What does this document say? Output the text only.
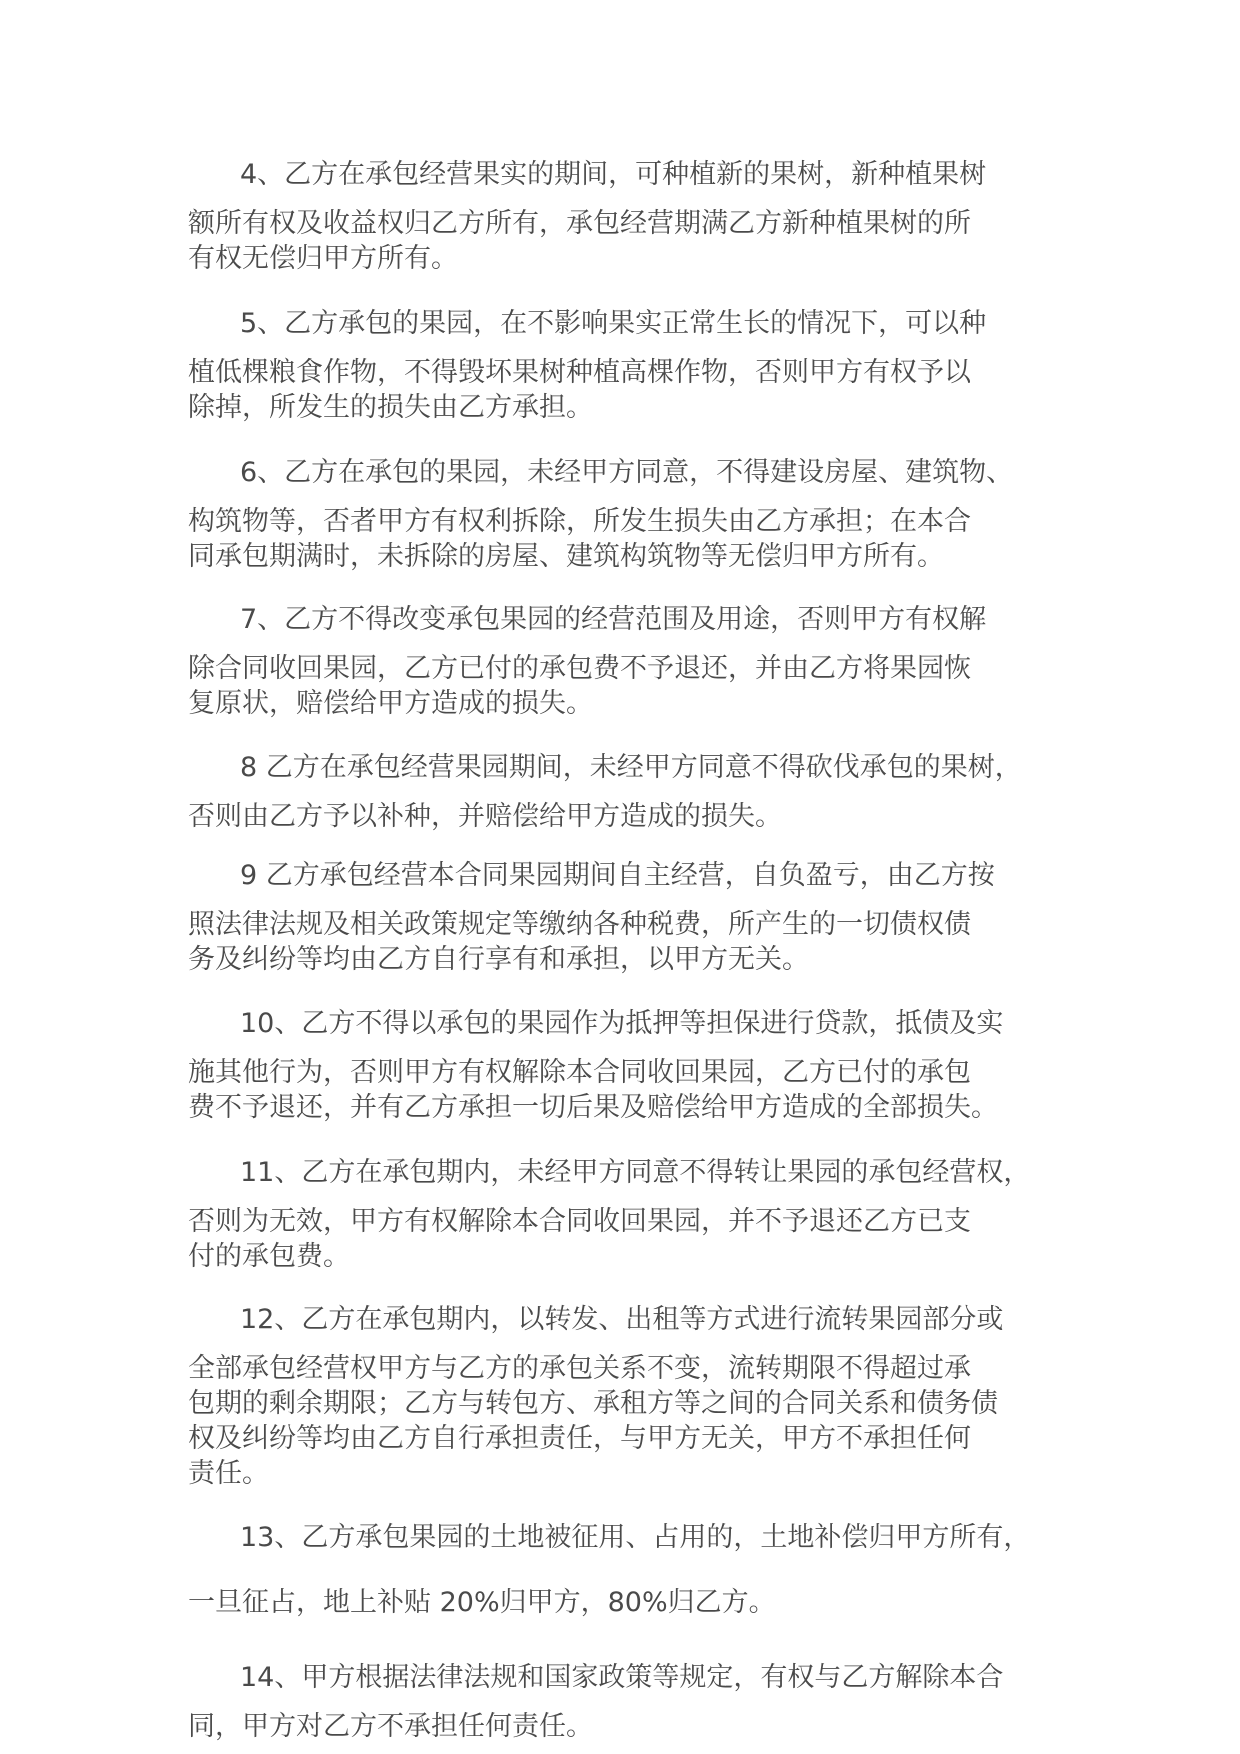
4、乙方在承包经营果实的期间，可种植新的果树，新种植果树
额所有权及收益权归乙方所有，承包经营期满乙方新种植果树的所
有权无偿归甲方所有。
5、乙方承包的果园，在不影响果实正常生长的情况下，可以种
植低棵粮食作物，不得毁坏果树种植高棵作物，否则甲方有权予以
除掉，所发生的损失由乙方承担。
6、乙方在承包的果园，未经甲方同意，不得建设房屋、建筑物、
构筑物等，否者甲方有权利拆除，所发生损失由乙方承担；在本合
同承包期满时，未拆除的房屋、建筑构筑物等无偿归甲方所有。
7、乙方不得改变承包果园的经营范围及用途，否则甲方有权解
除合同收回果园，乙方已付的承包费不予退还，并由乙方将果园恢
复原状，赔偿给甲方造成的损失。
8 乙方在承包经营果园期间，未经甲方同意不得砍伐承包的果树，
否则由乙方予以补种，并赔偿给甲方造成的损失。
9 乙方承包经营本合同果园期间自主经营，自负盈亏，由乙方按
照法律法规及相关政策规定等缴纳各种税费，所产生的一切债权债
务及纠纷等均由乙方自行享有和承担，以甲方无关。
10、乙方不得以承包的果园作为抵押等担保进行贷款，抵债及实
施其他行为，否则甲方有权解除本合同收回果园，乙方已付的承包
费不予退还，并有乙方承担一切后果及赔偿给甲方造成的全部损失。
11、乙方在承包期内，未经甲方同意不得转让果园的承包经营权，
否则为无效，甲方有权解除本合同收回果园，并不予退还乙方已支
付的承包费。
12、乙方在承包期内，以转发、出租等方式进行流转果园部分或
全部承包经营权甲方与乙方的承包关系不变，流转期限不得超过承
包期的剩余期限；乙方与转包方、承租方等之间的合同关系和债务债
权及纠纷等均由乙方自行承担责任，与甲方无关，甲方不承担任何
责任。
13、乙方承包果园的土地被征用、占用的，土地补偿归甲方所有，
一旦征占，地上补贴 20%归甲方，80%归乙方。
14、甲方根据法律法规和国家政策等规定，有权与乙方解除本合
同，甲方对乙方不承担任何责任。
